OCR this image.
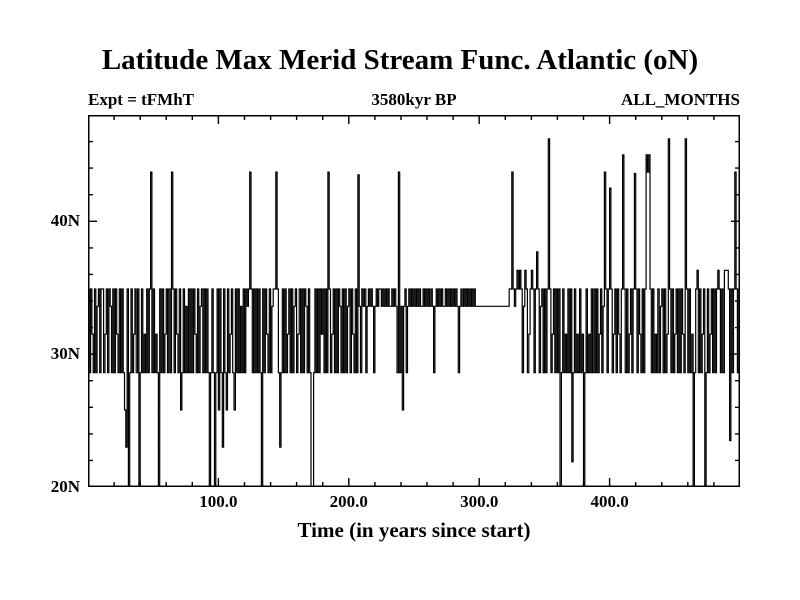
Latitude Max Merid Stream Func. Atlantic (oN)
Expt = tFMhT	3580kyr BP	ALL_MONTHS
20N
30N
40N
100.0	200.0	300.0	400.0
Time (in years since start)
